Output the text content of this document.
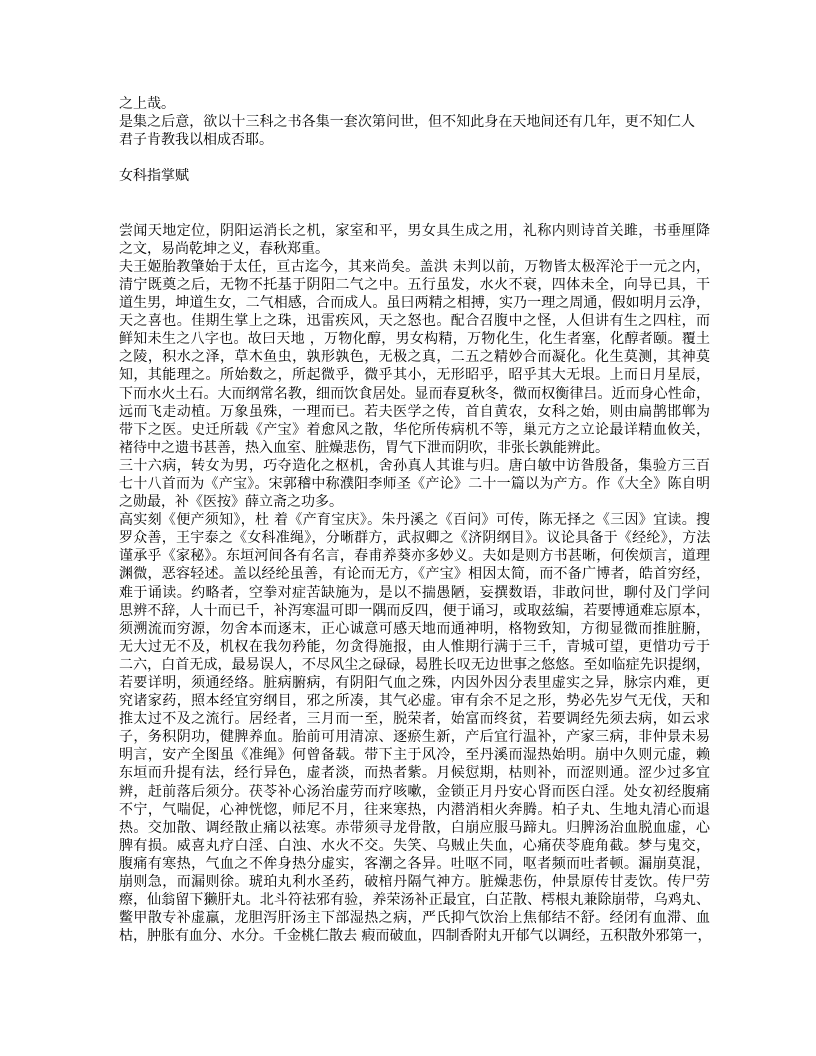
之上哉。
是集之后意，欲以十三科之书各集一套次第问世，但不知此身在天地间还有几年，更不知仁人
君子肯教我以相成否耶。
女科指掌赋
尝闻天地定位，阴阳运消长之机，家室和平，男女具生成之用，礼称内则诗首关雎，书垂厘降
之文，易尚乾坤之义，春秋郑重。
夫王姬胎教肇始于太任，亘古迄今，其来尚矣。盖洪 未判以前，万物皆太极浑沦于一元之内，
清宁既奠之后，无物不托基于阴阳二气之中。五行虽发，水火不衰，四体未全，向导已具，干
道生男，坤道生女，二气相感，合而成人。虽曰两精之相搏，实乃一理之周通，假如明月云净，
天之喜也。佳期生掌上之珠，迅雷疾风，天之怒也。配合召腹中之怪，人但讲有生之四柱，而
鲜知未生之八字也。故曰天地 ，万物化醇，男女构精，万物化生，化生者塞，化醇者颐。覆土
之陵，积水之泽，草木鱼虫，孰形孰色，无极之真，二五之精妙合而凝化。化生莫测，其神莫
知，其能理之。所始数之，所起微乎，微乎其小，无形昭乎，昭乎其大无垠。上而日月星辰，
下而水火土石。大而纲常名教，细而饮食居处。显而春夏秋冬，微而权衡律吕。近而身心性命，
远而飞走动植。万象虽殊，一理而已。若夫医学之传，首自黄农，女科之始，则由扁鹊邯郸为
带下之医。史迁所载《产宝》着愈风之散，华佗所传病机不等，巢元方之立论最详精血攸关，
褚待中之遗书甚善，热入血室、脏燥悲伤，胃气下泄而阴吹，非张长孰能辨此。
三十六病，转女为男，巧夺造化之枢机，舍孙真人其谁与归。唐白敏中访昝殷备，集验方三百
七十八首而为《产宝》。宋郭稽中称濮阳李师圣《产论》二十一篇以为产方。作《大全》陈自明
之勋最，补《医按》薛立斋之功多。
高实刻《便产须知》，杜 着《产育宝庆》。朱丹溪之《百问》可传，陈无择之《三因》宜读。搜
罗众善，王宇泰之《女科准绳》，分晰群方，武叔卿之《济阴纲目》。议论具备于《经纶》，方法
谨承乎《家秘》。东垣河间各有名言，春甫养葵亦多妙义。夫如是则方书甚晰，何俟烦言，道理
渊微，恶容轻述。盖以经纶虽善，有论而无方，《产宝》相因太简，而不备广博者，皓首穷经，
难于诵读。约略者，空拳对症苦缺施为，是以不揣愚陋，妄撰数语，非敢问世，聊付及门学问
思辨不辞，人十而已千，补泻寒温可即一隅而反四，便于诵习，或取兹编，若要博通难忘原本，
须溯流而穷源，勿舍本而逐末，正心诚意可感天地而通神明，格物致知，方彻显微而推脏腑，
无大过无不及，机权在我勿矜能，勿贪得施报，由人惟期行满于三千，青城可望，更惜功亏于
二六，白首无成，最易误人，不尽风尘之碌碌，曷胜长叹无边世事之悠悠。至如临症先识提纲，
若要详明，须通经络。脏病腑病，有阴阳气血之殊，内因外因分表里虚实之异，脉宗内难，更
究诸家药，照本经宜穷纲目，邪之所凑，其气必虚。审有余不足之形，势必先岁气无伐，天和
推太过不及之流行。居经者，三月而一至，脱荣者，始富而终贫，若要调经先须去病，如云求
子，务积阴功，健脾养血。胎前可用清凉、逐瘀生新，产后宜行温补，产家三病，非仲景未易
明言，安产全图虽《准绳》何曾备载。带下主于风冷，至丹溪而湿热始明。崩中久则元虚，赖
东垣而升提有法，经行异色，虚者淡，而热者紫。月候愆期，枯则补，而涩则通。涩少过多宜
辨，赶前落后须分。茯苓补心汤治虚劳而疗咳嗽，金锁正月丹安心肾而医白淫。处女初经腹痛
不宁，气喘促，心神恍惚，师尼不月，往来寒热，内潜消相火奔腾。柏子丸、生地丸清心而退
热。交加散、调经散止痛以祛寒。赤带须寻龙骨散，白崩应服马蹄丸。归脾汤治血脱血虚，心
脾有损。威喜丸疗白淫、白浊、水火不交。失笑、乌贼止失血，心痛茯苓鹿角截。梦与鬼交，
腹痛有寒热，气血之不侔身热分虚实，客潮之各异。吐呕不同，呕者频而吐者顿。漏崩莫混，
崩则急，而漏则徐。琥珀丸利水圣药，破棺丹隔气神方。脏燥悲伤，仲景原传甘麦饮。传尸劳
瘵，仙翁留下獭肝丸。北斗符祛邪有验，养荣汤补正最宜，白芷散、樗根丸兼除崩带，乌鸡丸、
鳖甲散专补虚羸，龙胆泻肝汤主下部湿热之病，严氏抑气饮治上焦郁结不舒。经闭有血滞、血
枯，肿胀有血分、水分。千金桃仁散去 瘕而破血，四制香附丸开郁气以调经，五积散外邪第一，
